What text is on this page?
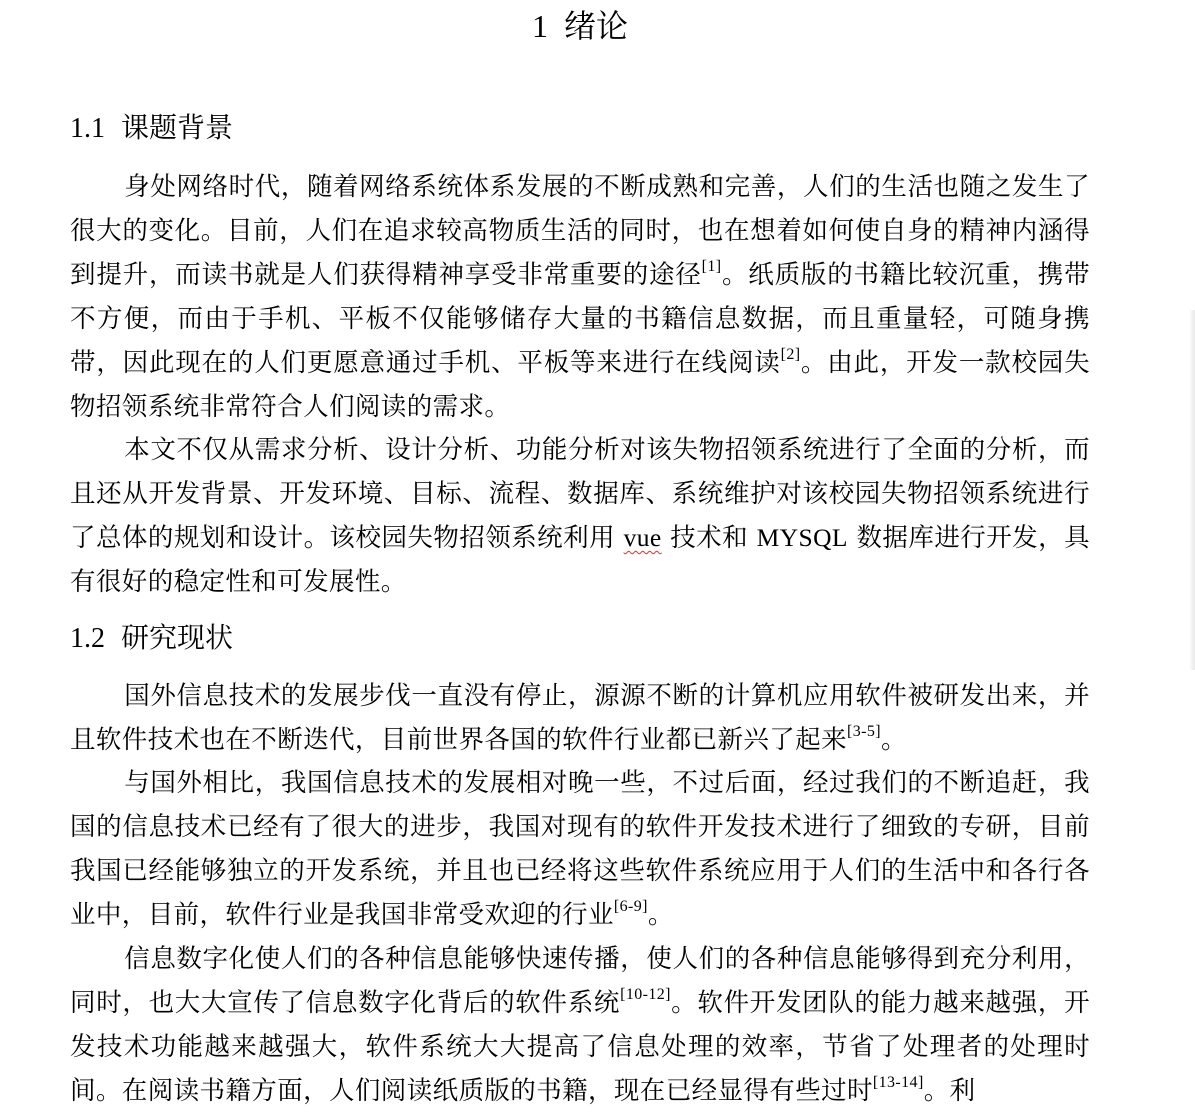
1 绪论
1.1 课题背景

身处网络时代，随着网络系统体系发展的不断成熟和完善，人们的生活也随之发生了很大的变化。目前，人们在追求较高物质生活的同时，也在想着如何使自身的精神内涵得到提升，而读书就是人们获得精神享受非常重要的途径[1]。纸质版的书籍比较沉重，携带不方便，而由于手机、平板不仅能够储存大量的书籍信息数据，而且重量轻，可随身携带，因此现在的人们更愿意通过手机、平板等来进行在线阅读[2]。由此，开发一款校园失物招领系统非常符合人们阅读的需求。

本文不仅从需求分析、设计分析、功能分析对该失物招领系统进行了全面的分析，而且还从开发背景、开发环境、目标、流程、数据库、系统维护对该校园失物招领系统进行了总体的规划和设计。该校园失物招领系统利用 vue 技术和 MYSQL 数据库进行开发，具有很好的稳定性和可发展性。

1.2 研究现状

国外信息技术的发展步伐一直没有停止，源源不断的计算机应用软件被研发出来，并且软件技术也在不断迭代，目前世界各国的软件行业都已新兴了起来[3-5]。

与国外相比，我国信息技术的发展相对晚一些，不过后面，经过我们的不断追赶，我国的信息技术已经有了很大的进步，我国对现有的软件开发技术进行了细致的专研，目前我国已经能够独立的开发系统，并且也已经将这些软件系统应用于人们的生活中和各行各业中，目前，软件行业是我国非常受欢迎的行业[6-9]。

信息数字化使人们的各种信息能够快速传播，使人们的各种信息能够得到充分利用，同时，也大大宣传了信息数字化背后的软件系统[10-12]。软件开发团队的能力越来越强，开发技术功能越来越强大，软件系统大大提高了信息处理的效率，节省了处理者的处理时间。在阅读书籍方面，人们阅读纸质版的书籍，现在已经显得有些过时[13-14]。利
